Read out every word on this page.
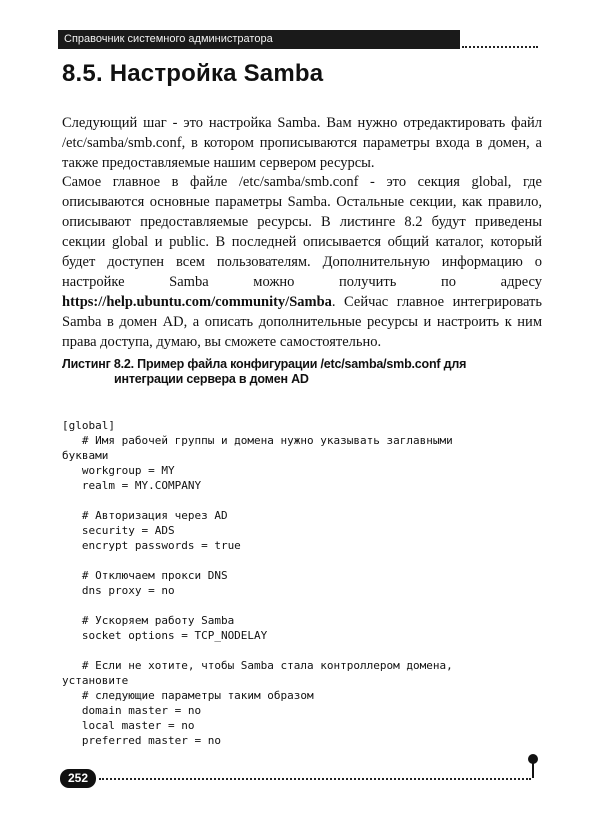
Справочник системного администратора
8.5. Настройка Samba

Следующий шаг - это настройка Samba. Вам нужно отредактировать файл /etc/samba/smb.conf, в котором прописываются параметры входа в домен, а также предоставляемые нашим сервером ресурсы.

Самое главное в файле /etc/samba/smb.conf - это секция global, где описываются основные параметры Samba. Остальные секции, как правило, описывают предоставляемые ресурсы. В листинге 8.2 будут приведены секции global и public. В последней описывается общий каталог, который будет доступен всем пользователям. Дополнительную информацию о настройке Samba можно получить по адресу https://help.ubuntu.com/community/Samba. Сейчас главное интегрировать Samba в домен AD, а описать дополнительные ресурсы и настроить к ним права доступа, думаю, вы сможете самостоятельно.

Листинг 8.2. Пример файла конфигурации /etc/samba/smb.conf для
интеграции сервера в домен AD
[global]
# Имя рабочей группы и домена нужно указывать заглавными
буквами
workgroup = MY
realm = MY.COMPANY
# Авторизация через AD
security = ADS
encrypt passwords = true
# Отключаем прокси DNS
dns proxy = no
# Ускоряем работу Samba
socket options = TCP_NODELAY
# Если не хотите, чтобы Samba стала контроллером домена,
установите
# следующие параметры таким образом
domain master = no
local master = no
preferred master = no
252
